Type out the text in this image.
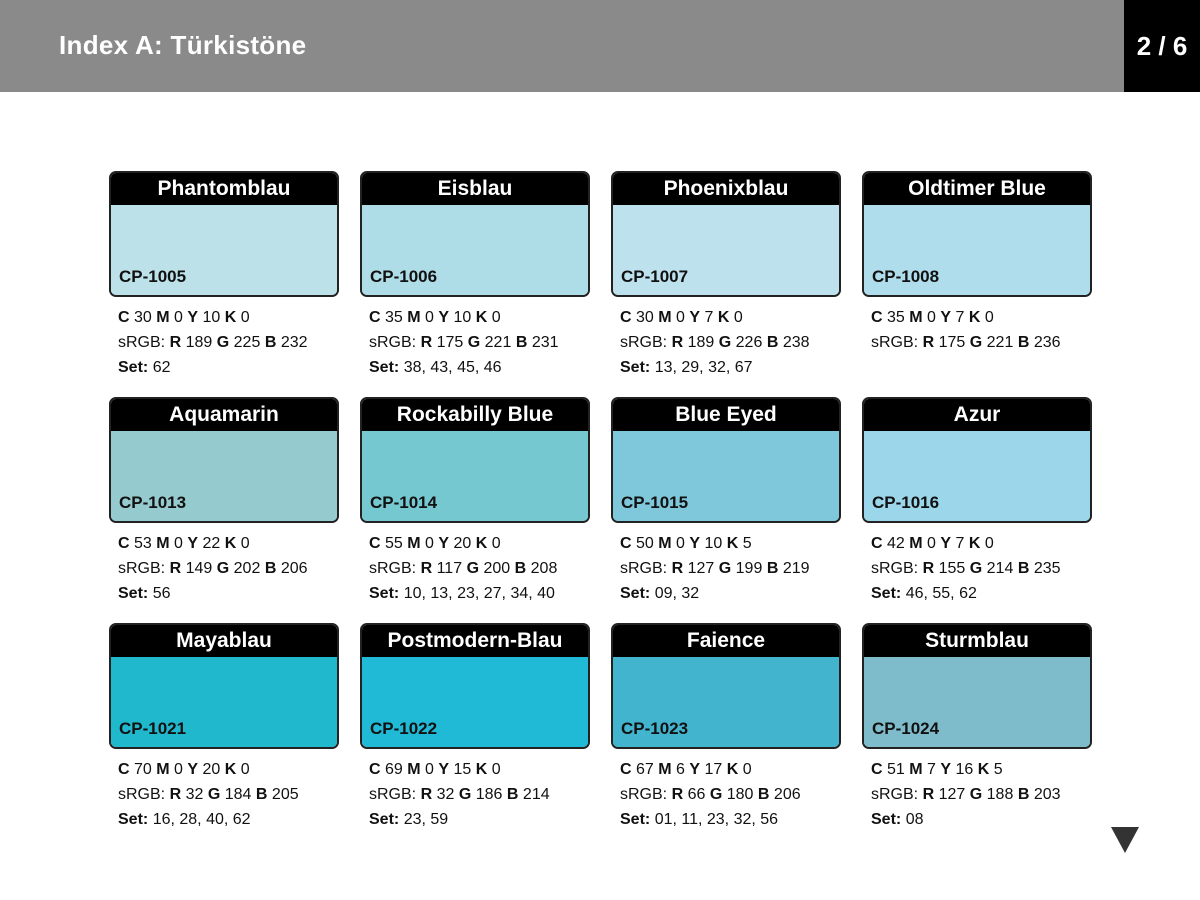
Index A: Türkistöne	2 / 6
Phantomblau
CP-1005
C 30 M 0 Y 10 K 0
sRGB: R 189 G 225 B 232
Set: 62
Eisblau
CP-1006
C 35 M 0 Y 10 K 0
sRGB: R 175 G 221 B 231
Set: 38, 43, 45, 46
Phoenixblau
CP-1007
C 30 M 0 Y 7 K 0
sRGB: R 189 G 226 B 238
Set: 13, 29, 32, 67
Oldtimer Blue
CP-1008
C 35 M 0 Y 7 K 0
sRGB: R 175 G 221 B 236
Aquamarin
CP-1013
C 53 M 0 Y 22 K 0
sRGB: R 149 G 202 B 206
Set: 56
Rockabilly Blue
CP-1014
C 55 M 0 Y 20 K 0
sRGB: R 117 G 200 B 208
Set: 10, 13, 23, 27, 34, 40
Blue Eyed
CP-1015
C 50 M 0 Y 10 K 5
sRGB: R 127 G 199 B 219
Set: 09, 32
Azur
CP-1016
C 42 M 0 Y 7 K 0
sRGB: R 155 G 214 B 235
Set: 46, 55, 62
Mayablau
CP-1021
C 70 M 0 Y 20 K 0
sRGB: R 32 G 184 B 205
Set: 16, 28, 40, 62
Postmodern-Blau
CP-1022
C 69 M 0 Y 15 K 0
sRGB: R 32 G 186 B 214
Set: 23, 59
Faience
CP-1023
C 67 M 6 Y 17 K 0
sRGB: R 66 G 180 B 206
Set: 01, 11, 23, 32, 56
Sturmblau
CP-1024
C 51 M 7 Y 16 K 5
sRGB: R 127 G 188 B 203
Set: 08
